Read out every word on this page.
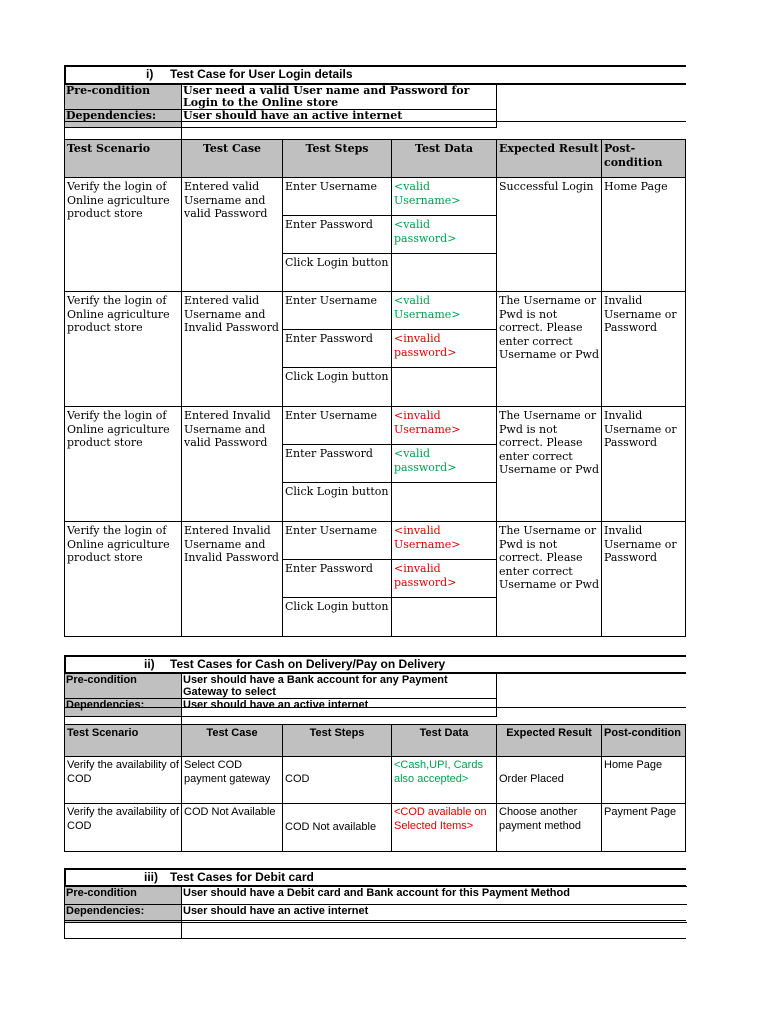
i) Test Case for User Login details
Pre-condition	User need a valid User name and Password for Login to the Online store
Dependencies:	User should have an active internet
Test Scenario	Test Case	Test Steps	Test Data	Expected Result	Post-condition
Verify the login of Online agriculture product store	Entered valid Username and valid Password	Enter Username	<valid Username>	Successful Login	Home Page
		Enter Password	<valid password>		
		Click Login button			
Verify the login of Online agriculture product store	Entered valid Username and Invalid Password	Enter Username	<valid Username>	The Username or Pwd is not correct. Please enter correct Username or Pwd	Invalid Username or Password
		Enter Password	<invalid password>		
		Click Login button			
Verify the login of Online agriculture product store	Entered Invalid Username and valid Password	Enter Username	<invalid Username>	The Username or Pwd is not correct. Please enter correct Username or Pwd	Invalid Username or Password
		Enter Password	<valid password>		
		Click Login button			
Verify the login of Online agriculture product store	Entered Invalid Username and Invalid Password	Enter Username	<invalid Username>	The Username or Pwd is not correct. Please enter correct Username or Pwd	Invalid Username or Password
		Enter Password	<invalid password>		
		Click Login button			
ii) Test Cases for Cash on Delivery/Pay on Delivery
Pre-condition	User should have a Bank account for any Payment Gateway to select
Dependencies:	User should have an active internet
Test Scenario	Test Case	Test Steps	Test Data	Expected Result	Post-condition
Verify the availability of COD	Select COD payment gateway	COD	<Cash,UPI, Cards also accepted>	Order Placed	Home Page
Verify the availability of COD	COD Not Available	COD Not available	<COD available on Selected Items>	Choose another payment method	Payment Page
iii) Test Cases for Debit card
Pre-condition	User should have a Debit card and Bank account for this Payment Method
Dependencies:	User should have an active internet
